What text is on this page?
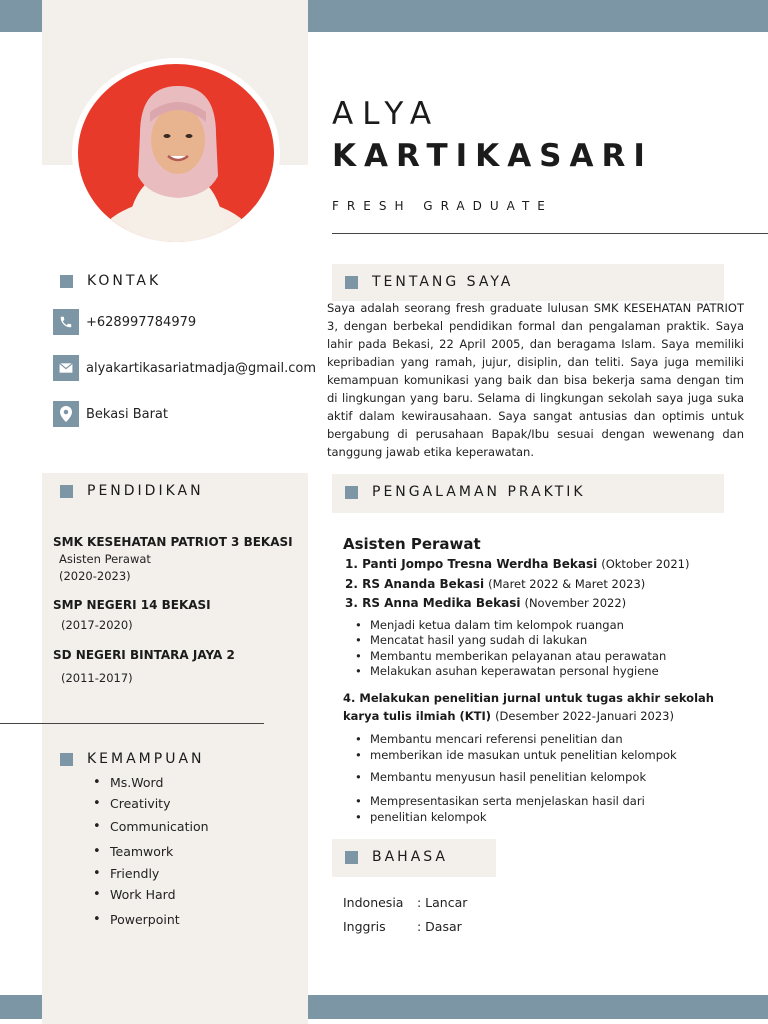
ALYA
KARTIKASARI
FRESH GRADUATE
KONTAK
+628997784979
alyakartikasariatmadja@gmail.com
Bekasi Barat
TENTANG SAYA
Saya adalah seorang fresh graduate lulusan SMK KESEHATAN PATRIOT 3, dengan berbekal pendidikan formal dan pengalaman praktik. Saya lahir pada Bekasi, 22 April 2005, dan beragama Islam. Saya memiliki kepribadian yang ramah, jujur, disiplin, dan teliti. Saya juga memiliki kemampuan komunikasi yang baik dan bisa bekerja sama dengan tim di lingkungan yang baru. Selama di lingkungan sekolah saya juga suka aktif dalam kewirausahaan. Saya sangat antusias dan optimis untuk bergabung di perusahaan Bapak/Ibu sesuai dengan wewenang dan tanggung jawab etika keperawatan.
PENDIDIKAN
SMK KESEHATAN PATRIOT 3 BEKASI
Asisten Perawat
(2020-2023)
SMP NEGERI 14 BEKASI
(2017-2020)
SD NEGERI BINTARA JAYA 2
(2011-2017)
KEMAMPUAN
• Ms.Word
• Creativity
• Communication
• Teamwork
• Friendly
• Work Hard
• Powerpoint
PENGALAMAN PRAKTIK
Asisten Perawat
1. Panti Jompo Tresna Werdha Bekasi (Oktober 2021)
2. RS Ananda Bekasi (Maret 2022 & Maret 2023)
3. RS Anna Medika Bekasi (November 2022)
• Menjadi ketua dalam tim kelompok ruangan
• Mencatat hasil yang sudah di lakukan
• Membantu memberikan pelayanan atau perawatan
• Melakukan asuhan keperawatan personal hygiene
4. Melakukan penelitian jurnal untuk tugas akhir sekolah
karya tulis ilmiah (KTI) (Desember 2022-Januari 2023)
• Membantu mencari referensi penelitian dan
• memberikan ide masukan untuk penelitian kelompok
• Membantu menyusun hasil penelitian kelompok
• Mempresentasikan serta menjelaskan hasil dari
• penelitian kelompok
BAHASA
Indonesia : Lancar
Inggris	: Dasar
